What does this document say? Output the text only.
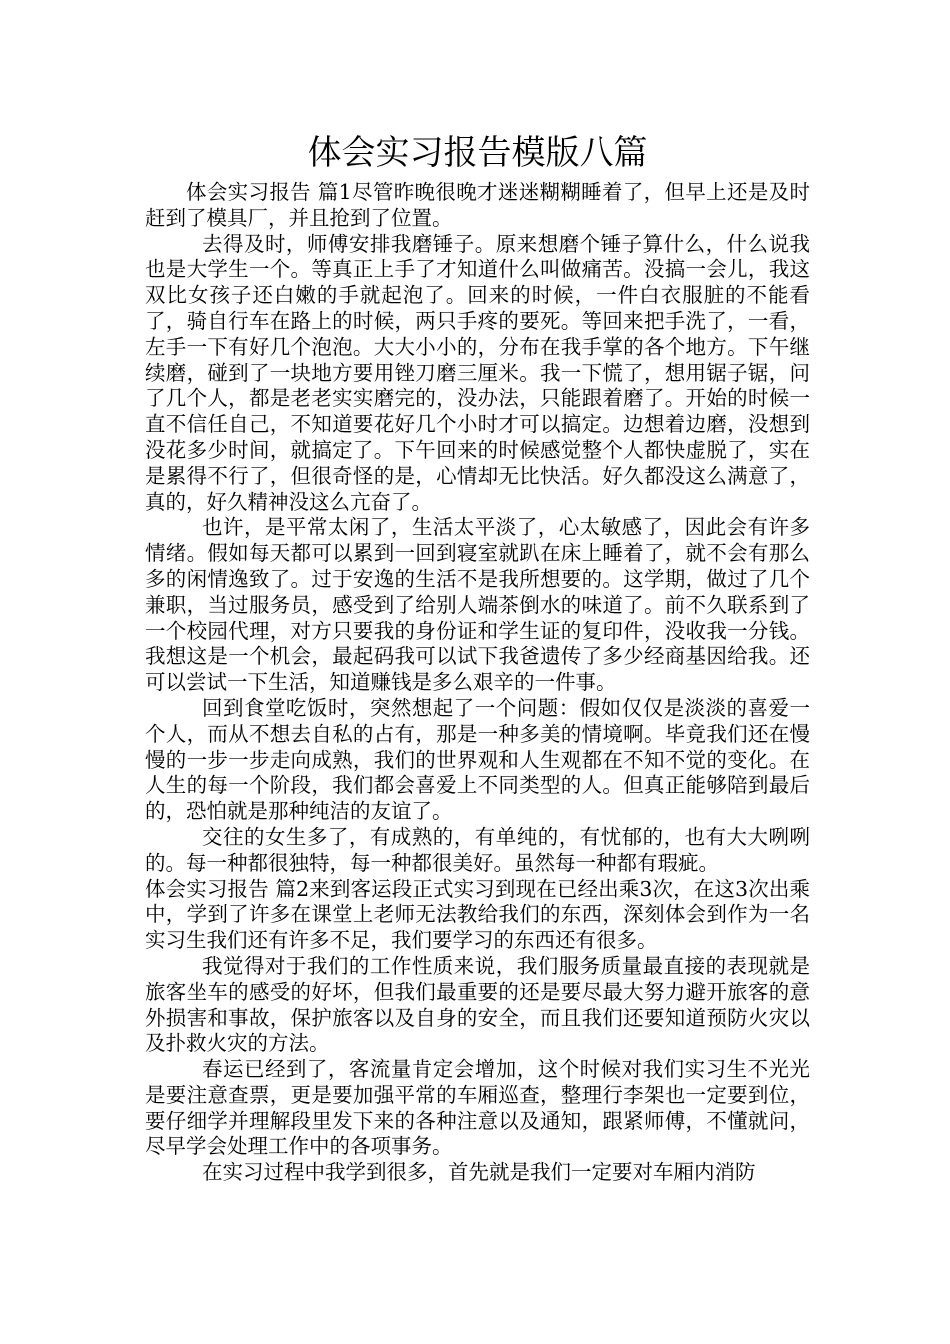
体会实习报告模版八篇

体会实习报告 篇1尽管昨晚很晚才迷迷糊糊睡着了，但早上还是及时赶到了模具厂，并且抢到了位置。

去得及时，师傅安排我磨锤子。原来想磨个锤子算什么，什么说我也是大学生一个。等真正上手了才知道什么叫做痛苦。没搞一会儿，我这双比女孩子还白嫩的手就起泡了。回来的时候，一件白衣服脏的不能看了，骑自行车在路上的时候，两只手疼的要死。等回来把手洗了，一看，左手一下有好几个泡泡。大大小小的，分布在我手掌的各个地方。下午继续磨，碰到了一块地方要用锉刀磨三厘米。我一下慌了，想用锯子锯，问了几个人，都是老老实实磨完的，没办法，只能跟着磨了。开始的时候一直不信任自己，不知道要花好几个小时才可以搞定。边想着边磨，没想到没花多少时间，就搞定了。下午回来的时候感觉整个人都快虚脱了，实在是累得不行了，但很奇怪的是，心情却无比快活。好久都没这么满意了，真的，好久精神没这么亢奋了。

也许，是平常太闲了，生活太平淡了，心太敏感了，因此会有许多情绪。假如每天都可以累到一回到寝室就趴在床上睡着了，就不会有那么多的闲情逸致了。过于安逸的生活不是我所想要的。这学期，做过了几个兼职，当过服务员，感受到了给别人端茶倒水的味道了。前不久联系到了一个校园代理，对方只要我的身份证和学生证的复印件，没收我一分钱。我想这是一个机会，最起码我可以试下我爸遗传了多少经商基因给我。还可以尝试一下生活，知道赚钱是多么艰辛的一件事。

回到食堂吃饭时，突然想起了一个问题：假如仅仅是淡淡的喜爱一个人，而从不想去自私的占有，那是一种多美的情境啊。毕竟我们还在慢慢的一步一步走向成熟，我们的世界观和人生观都在不知不觉的变化。在人生的每一个阶段，我们都会喜爱上不同类型的人。但真正能够陪到最后的，恐怕就是那种纯洁的友谊了。

交往的女生多了，有成熟的，有单纯的，有忧郁的，也有大大咧咧的。每一种都很独特，每一种都很美好。虽然每一种都有瑕疵。

体会实习报告 篇2来到客运段正式实习到现在已经出乘3次，在这3次出乘中，学到了许多在课堂上老师无法教给我们的东西，深刻体会到作为一名实习生我们还有许多不足，我们要学习的东西还有很多。

我觉得对于我们的工作性质来说，我们服务质量最直接的表现就是旅客坐车的感受的好坏，但我们最重要的还是要尽最大努力避开旅客的意外损害和事故，保护旅客以及自身的安全，而且我们还要知道预防火灾以及扑救火灾的方法。

春运已经到了，客流量肯定会增加，这个时候对我们实习生不光光是要注意查票，更是要加强平常的车厢巡查，整理行李架也一定要到位，要仔细学并理解段里发下来的各种注意以及通知，跟紧师傅，不懂就问，尽早学会处理工作中的各项事务。

在实习过程中我学到很多，首先就是我们一定要对车厢内消防
